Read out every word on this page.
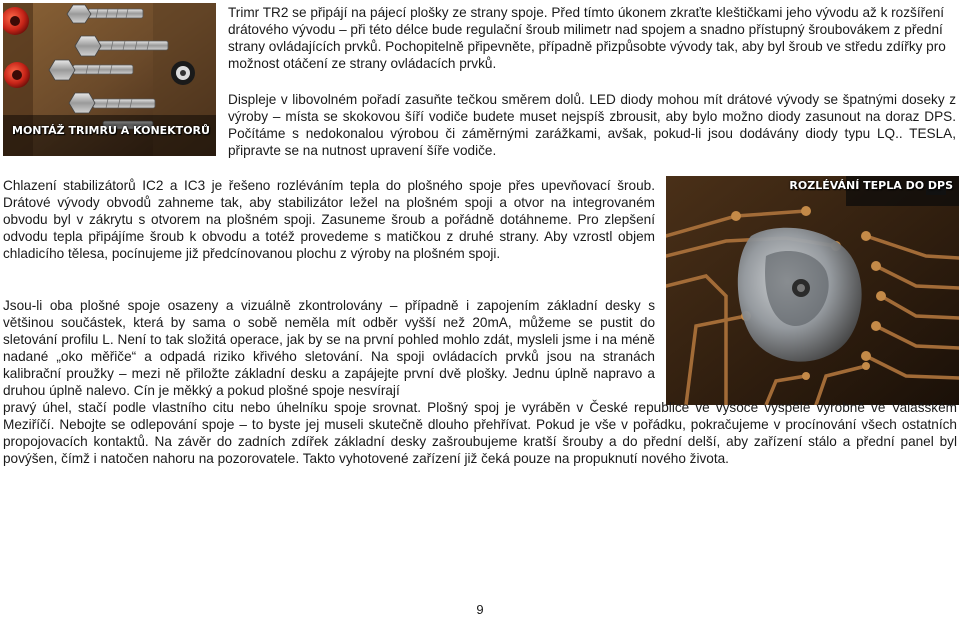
MONTÁŽ TRIMRU A KONEKTORŮ
ROZLÉVÁNÍ TEPLA DO DPS

Trimr TR2 se připájí na pájecí plošky ze strany spoje. Před tímto úkonem zkraťte kleštičkami jeho vývodu až k rozšíření drátového vývodu – při této délce bude regulační šroub milimetr nad spojem a snadno přístupný šroubovákem z přední strany ovládajících prvků. Pochopitelně připevněte, případně přizpůsobte vývody tak, aby byl šroub ve středu zdířky pro možnost otáčení ze strany ovládacích prvků.

Displeje v libovolném pořadí zasuňte tečkou směrem dolů. LED diody mohou mít drátové vývody se špatnými doseky z výroby – místa se skokovou šíří vodiče budete muset nejspíš zbrousit, aby bylo možno diody zasunout na doraz DPS. Počítáme s nedokonalou výrobou či záměrnými zarážkami, avšak, pokud-li jsou dodávány diody typu LQ.. TESLA, připravte se na nutnost upravení šíře vodiče.

Chlazení stabilizátorů IC2 a IC3 je řešeno rozléváním tepla do plošného spoje přes upevňovací šroub. Drátové vývody obvodů zahneme tak, aby stabilizátor ležel na plošném spoji a otvor na integrovaném obvodu byl v zákrytu s otvorem na plošném spoji. Zasuneme šroub a pořádně dotáhneme. Pro zlepšení odvodu tepla připájíme šroub k obvodu a totéž provedeme s matičkou z druhé strany. Aby vzrostl objem chladicího tělesa, pocínujeme již předcínovanou plochu z výroby na plošném spoji.

Jsou-li oba plošné spoje osazeny a vizuálně zkontrolovány – případně i zapojením základní desky s většinou součástek, která by sama o sobě neměla mít odběr vyšší než 20mA, můžeme se pustit do sletování profilu L. Není to tak složitá operace, jak by se na první pohled mohlo zdát, mysleli jsme i na méně nadané „oko měřiče“ a odpadá riziko křivého sletování. Na spoji ovládacích prvků jsou na stranách kalibrační proužky – mezi ně přiložte základní desku a zapájejte první dvě plošky. Jednu úplně napravo a druhou úplně nalevo. Cín je měkký a pokud plošné spoje nesvírají

pravý úhel, stačí podle vlastního citu nebo úhelníku spoje srovnat. Plošný spoj je vyráběn v České republice ve vysoce vyspělé výrobně ve Valašském Meziříčí. Nebojte se odlepování spoje – to byste jej museli skutečně dlouho přehřívat. Pokud je vše v pořádku, pokračujeme v procínování všech ostatních propojovacích kontaktů. Na závěr do zadních zdířek základní desky zašroubujeme kratší šrouby a do přední delší, aby zařízení stálo a přední panel byl povýšen, čímž i natočen nahoru na pozorovatele. Takto vyhotovené zařízení již čeká pouze na propuknutí nového života.

9
